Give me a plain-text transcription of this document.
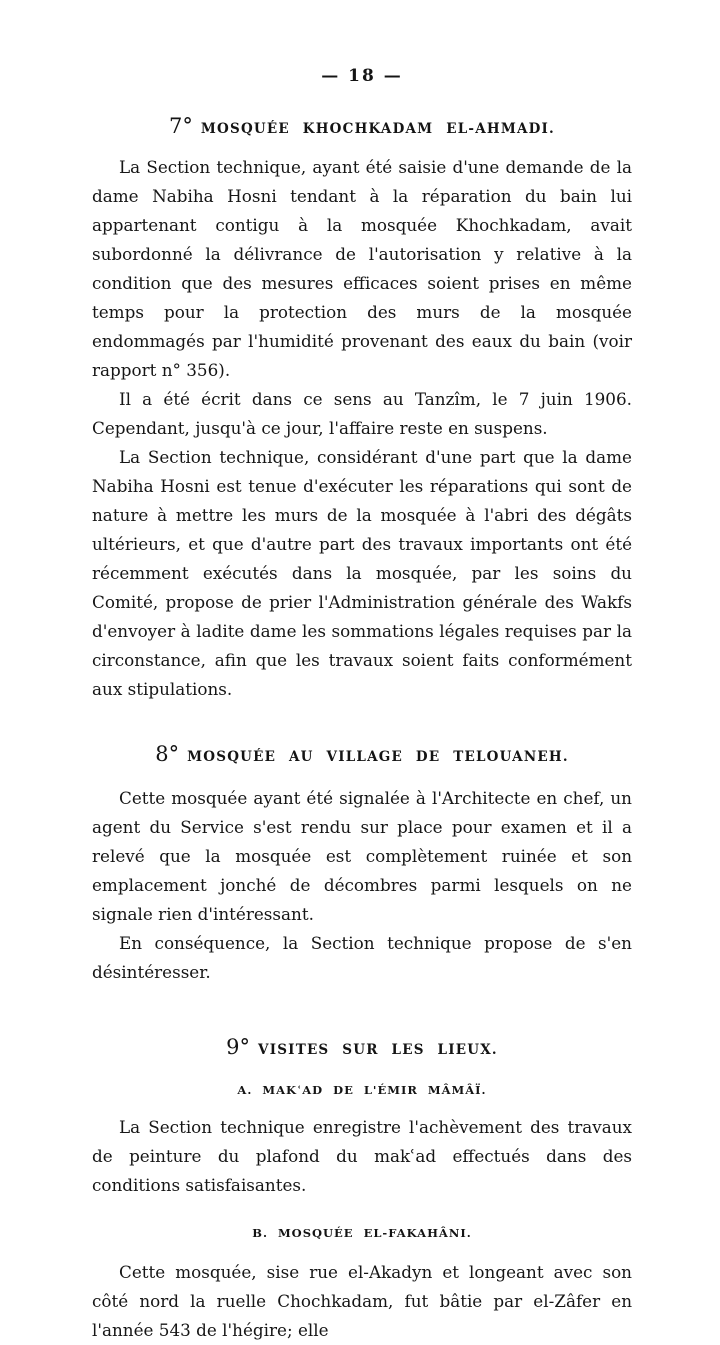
— 18 —
7° MOSQUÉE KHOCHKADAM EL-AHMADI.

La Section technique, ayant été saisie d'une demande de la dame Nabiha Hosni tendant à la réparation du bain lui appartenant contigu à la mosquée Khochkadam, avait subordonné la délivrance de l'autorisation y relative à la condition que des mesures efficaces soient prises en même temps pour la protection des murs de la mosquée endommagés par l'humidité provenant des eaux du bain (voir rapport n° 356).

Il a été écrit dans ce sens au Tanzîm, le 7 juin 1906. Cependant, jusqu'à ce jour, l'affaire reste en suspens.

La Section technique, considérant d'une part que la dame Nabiha Hosni est tenue d'exécuter les réparations qui sont de nature à mettre les murs de la mosquée à l'abri des dégâts ultérieurs, et que d'autre part des travaux importants ont été récemment exécutés dans la mosquée, par les soins du Comité, propose de prier l'Administration générale des Wakfs d'envoyer à ladite dame les sommations légales requises par la circonstance, afin que les travaux soient faits conformément aux stipulations.

8° MOSQUÉE AU VILLAGE DE TELOUANEH.

Cette mosquée ayant été signalée à l'Architecte en chef, un agent du Service s'est rendu sur place pour examen et il a relevé que la mosquée est complètement ruinée et son emplacement jonché de décombres parmi lesquels on ne signale rien d'intéressant.

En conséquence, la Section technique propose de s'en désintéresser.

9° VISITES SUR LES LIEUX.
A. MAKʿAD DE L'ÉMIR MÂMÂÏ.

La Section technique enregistre l'achèvement des travaux de peinture du plafond du makʿad effectués dans des conditions satisfaisantes.

B. MOSQUÉE EL-FAKAHÂNI.

Cette mosquée, sise rue el-Akadyn et longeant avec son côté nord la ruelle Chochkadam, fut bâtie par el-Zâfer en l'année 543 de l'hégire; elle
